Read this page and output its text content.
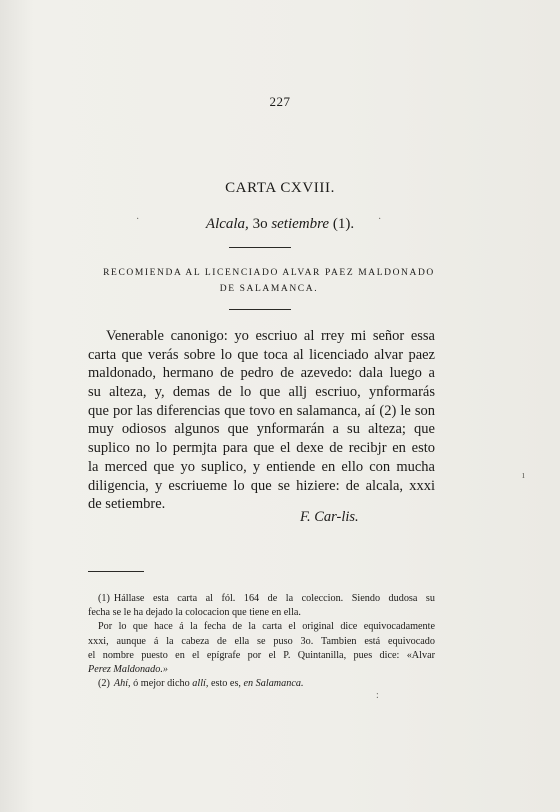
227
CARTA CXVIII.
Alcala, 3o setiembre (1).
RECOMIENDA AL LICENCIADO ALVAR PAEZ MALDONADO
DE SALAMANCA.
Venerable canonigo: yo escriuo al rrey mi señor essa
carta que verás sobre lo que toca al licenciado alvar paez
maldonado, hermano de pedro de azevedo: dala luego a
su alteza, y, demas de lo que allj escriuo, ynformarás
que por las diferencias que tovo en salamanca, aí (2) le son
muy odiosos algunos que ynformarán a su alteza; que
suplico no lo permjta para que el dexe de recibjr en esto
la merced que yo suplico, y entiende en ello con mucha
diligencia, y escriueme lo que se hiziere: de alcala, xxxi
de setiembre.
F. Car-lis.
(1) Hállase esta carta al fól. 164 de la coleccion. Siendo dudosa su
fecha se le ha dejado la colocacion que tiene en ella.
Por lo que hace á la fecha de la carta el original dice equivocadamente
xxxi, aunque á la cabeza de ella se puso 3o. Tambien está equivocado
el nombre puesto en el epígrafe por el P. Quintanilla, pues dice: «Alvar
Perez Maldonado.»
(2) Ahí, ó mejor dicho allí, esto es, en Salamanca.
·	·
ı
:
